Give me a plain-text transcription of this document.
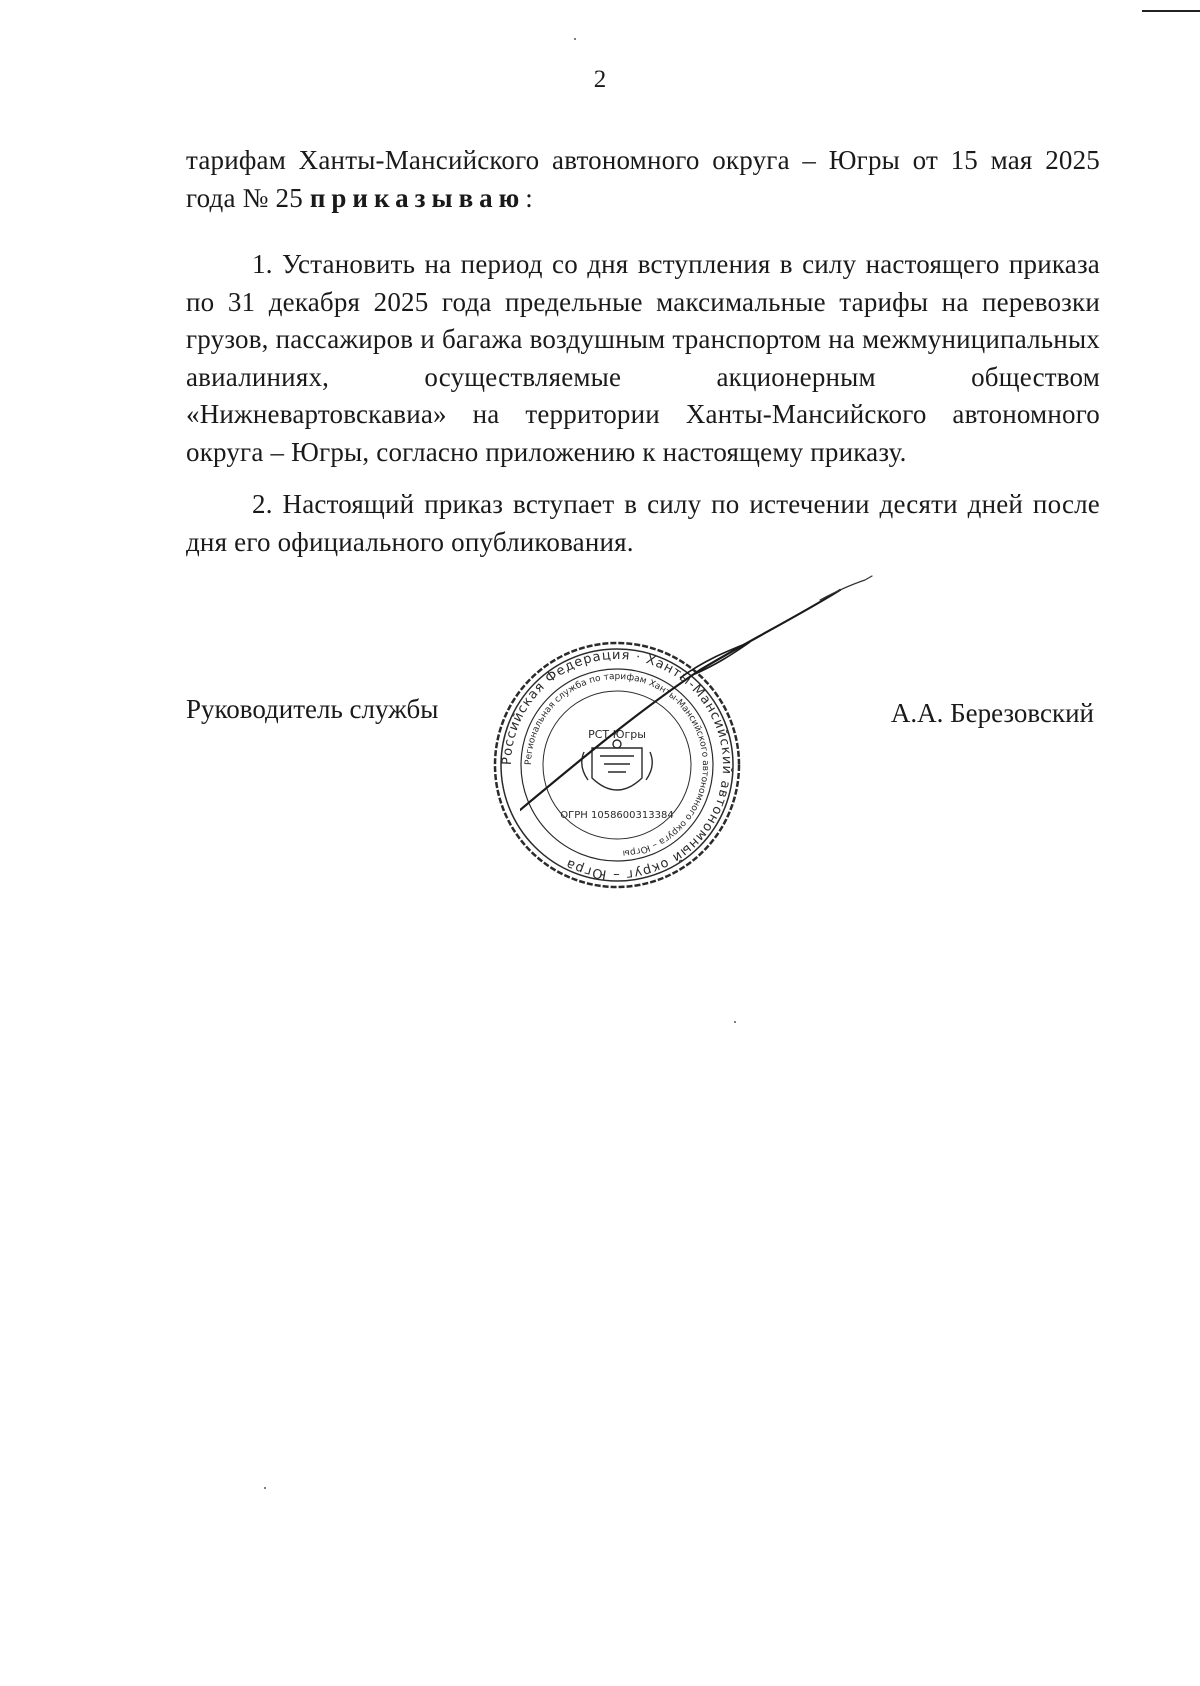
2
тарифам Ханты-Мансийского автономного округа – Югры от 15 мая 2025 года № 25 приказываю:
1. Установить на период со дня вступления в силу настоящего приказа по 31 декабря 2025 года предельные максимальные тарифы на перевозки грузов, пассажиров и багажа воздушным транспортом на межмуниципальных авиалиниях, осуществляемые акционерным обществом «Нижневартовскавиа» на территории Ханты-Мансийского автономного округа – Югры, согласно приложению к настоящему приказу.
2. Настоящий приказ вступает в силу по истечении десяти дней после дня его официального опубликования.
Руководитель службы
Российская Федерация · Ханты-Мансийский автономный округ – Югра
Региональная служба по тарифам Ханты-Мансийского автономного округа – Югры
РСТ Югры
ОГРН 1058600313384
А.А. Березовский
